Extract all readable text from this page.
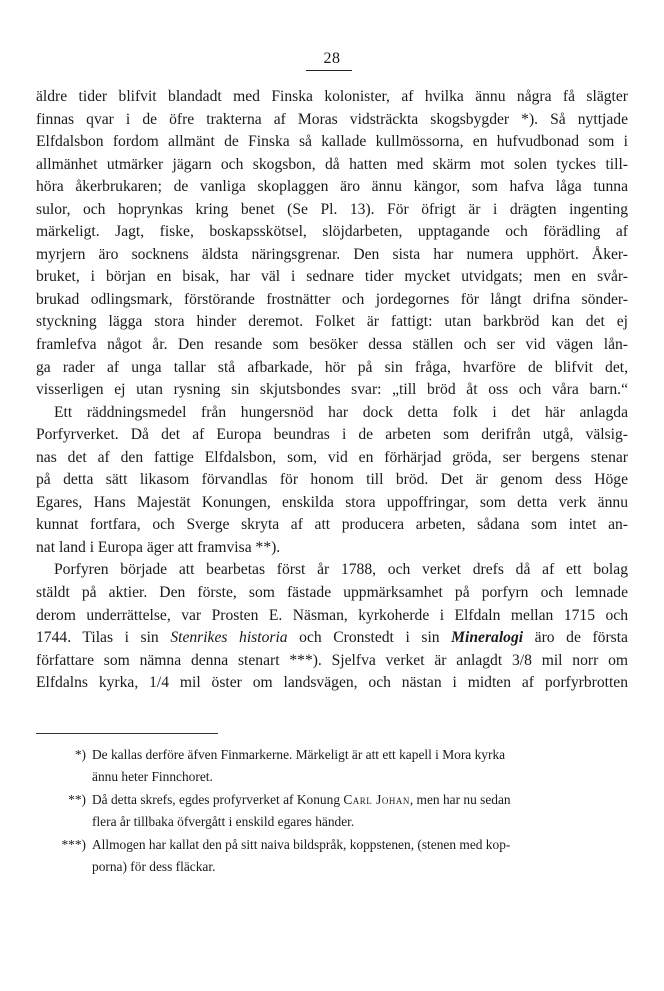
28

äldre tider blifvit blandadt med Finska kolonister, af hvilka ännu några få slägter

finnas qvar i de öfre trakterna af Moras vidsträckta skogsbygder *). Så nyttjade

Elfdalsbon fordom allmänt de Finska så kallade kullmössorna, en hufvudbonad som i

allmänhet utmärker jägarn och skogsbon, då hatten med skärm mot solen tyckes till-

höra åkerbrukaren; de vanliga skoplaggen äro ännu kängor, som hafva låga tunna

sulor, och hoprynkas kring benet (Se Pl. 13). För öfrigt är i drägten ingenting

märkeligt. Jagt, fiske, boskapsskötsel, slöjdarbeten, upptagande och förädling af

myrjern äro socknens äldsta näringsgrenar. Den sista har numera upphört. Åker-

bruket, i början en bisak, har väl i sednare tider mycket utvidgats; men en svår-

brukad odlingsmark, förstörande frostnätter och jordegornes för långt drifna sönder-

styckning lägga stora hinder deremot. Folket är fattigt: utan barkbröd kan det ej

framlefva något år. Den resande som besöker dessa ställen och ser vid vägen lån-

ga rader af unga tallar stå afbarkade, hör på sin fråga, hvarföre de blifvit det,

visserligen ej utan rysning sin skjutsbondes svar: „till bröd åt oss och våra barn.“

Ett räddningsmedel från hungersnöd har dock detta folk i det här anlagda

Porfyrverket. Då det af Europa beundras i de arbeten som derifrån utgå, välsig-

nas det af den fattige Elfdalsbon, som, vid en förhärjad gröda, ser bergens stenar

på detta sätt likasom förvandlas för honom till bröd. Det är genom dess Höge

Egares, Hans Majestät Konungen, enskilda stora uppoffringar, som detta verk ännu

kunnat fortfara, och Sverge skryta af att producera arbeten, sådana som intet an-

nat land i Europa äger att framvisa **).

Porfyren började att bearbetas först år 1788, och verket drefs då af ett bolag

stäldt på aktier. Den förste, som fästade uppmärksamhet på porfyrn och lemnade

derom underrättelse, var Prosten E. Näsman, kyrkoherde i Elfdaln mellan 1715 och

1744. Tilas i sin Stenrikes historia och Cronstedt i sin Mineralogi äro de första

författare som nämna denna stenart ***). Sjelfva verket är anlagdt 3/8 mil norr om

Elfdalns kyrka, 1/4 mil öster om landsvägen, och nästan i midten af porfyrbrotten

*) De kallas derföre äfven Finmarkerne. Märkeligt är att ett kapell i Mora kyrka
ännu heter Finnchoret.
**) Då detta skrefs, egdes profyrverket af Konung Carl Johan, men har nu sedan
flera år tillbaka öfvergått i enskild egares händer.
***) Allmogen har kallat den på sitt naiva bildspråk, koppstenen, (stenen med kop-
porna) för dess fläckar.
